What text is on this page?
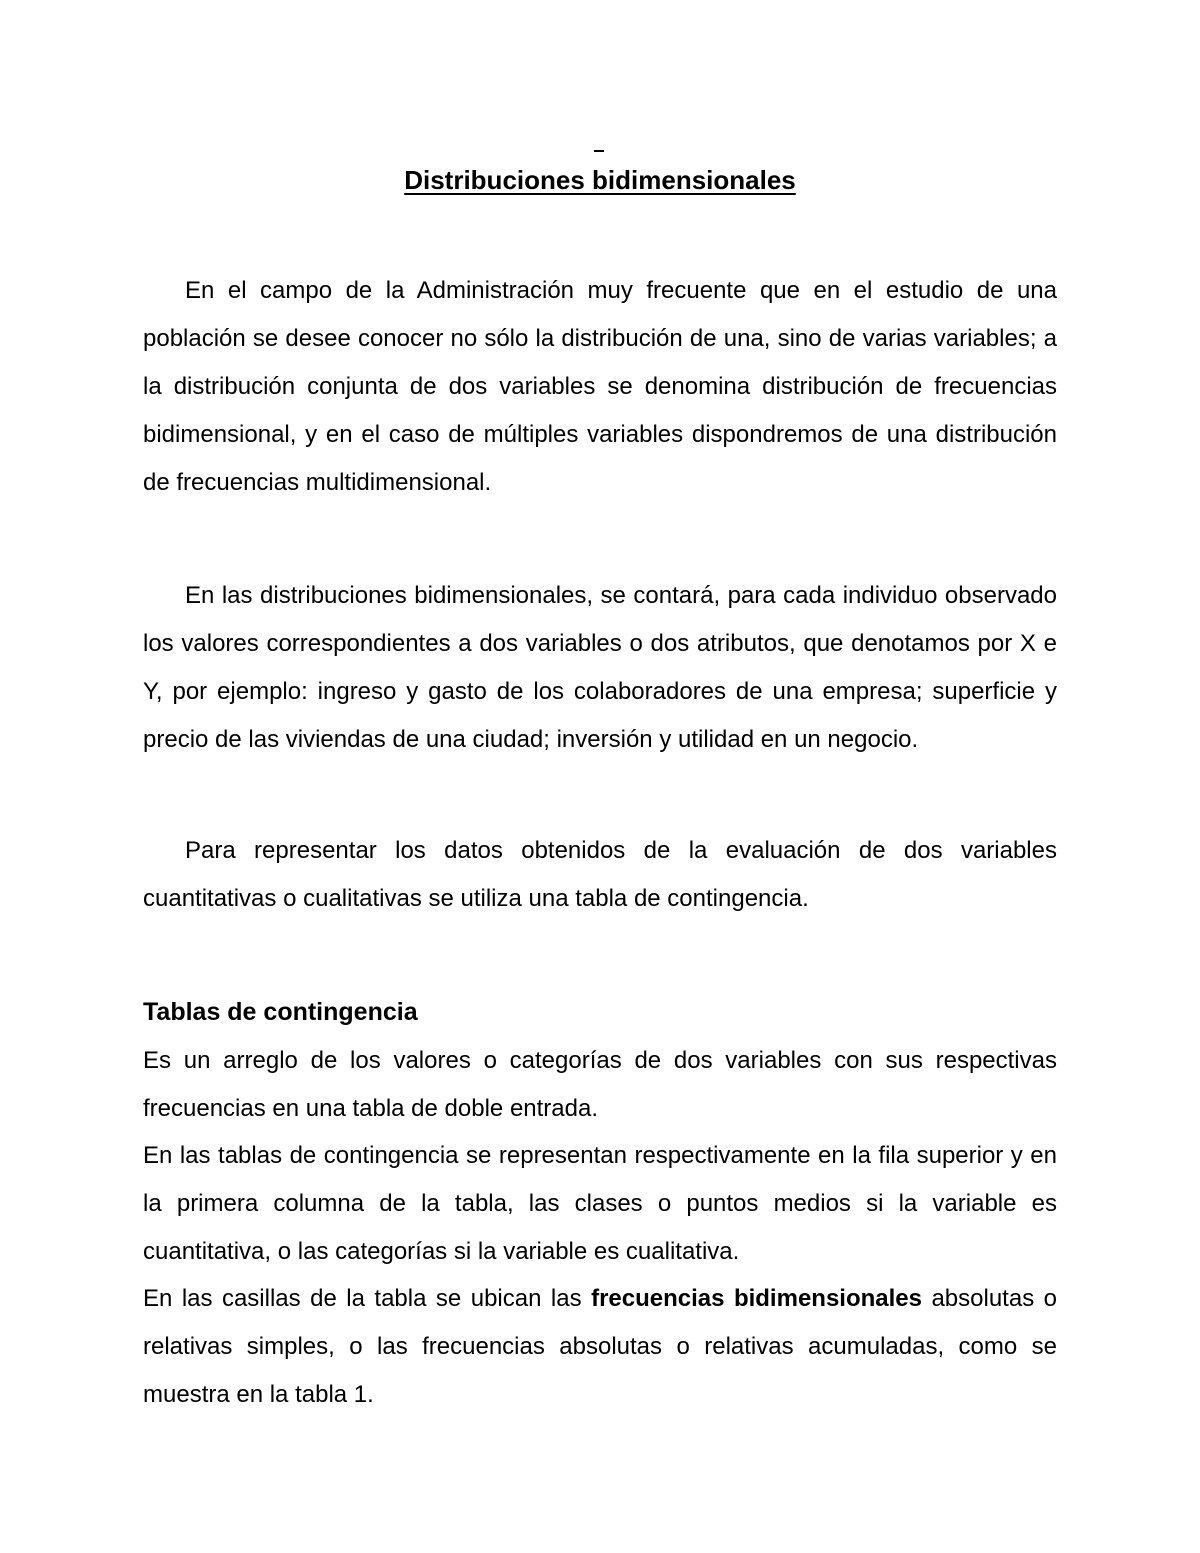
Distribuciones bidimensionales

En el campo de la Administración muy frecuente que en el estudio de una población se desee conocer no sólo la distribución de una, sino de varias variables; a la distribución conjunta de dos variables se denomina distribución de frecuencias bidimensional, y en el caso de múltiples variables dispondremos de una distribución de frecuencias multidimensional.

En las distribuciones bidimensionales, se contará, para cada individuo observado los valores correspondientes a dos variables o dos atributos, que denotamos por X e Y, por ejemplo: ingreso y gasto de los colaboradores de una empresa; superficie y precio de las viviendas de una ciudad; inversión y utilidad en un negocio.

Para representar los datos obtenidos de la evaluación de dos variables cuantitativas o cualitativas se utiliza una tabla de contingencia.

Tablas de contingencia

Es un arreglo de los valores o categorías de dos variables con sus respectivas frecuencias en una tabla de doble entrada.

En las tablas de contingencia se representan respectivamente en la fila superior y en la primera columna de la tabla, las clases o puntos medios si la variable es cuantitativa, o las categorías si la variable es cualitativa.

En las casillas de la tabla se ubican las frecuencias bidimensionales absolutas o relativas simples, o las frecuencias absolutas o relativas acumuladas, como se muestra en la tabla 1.
